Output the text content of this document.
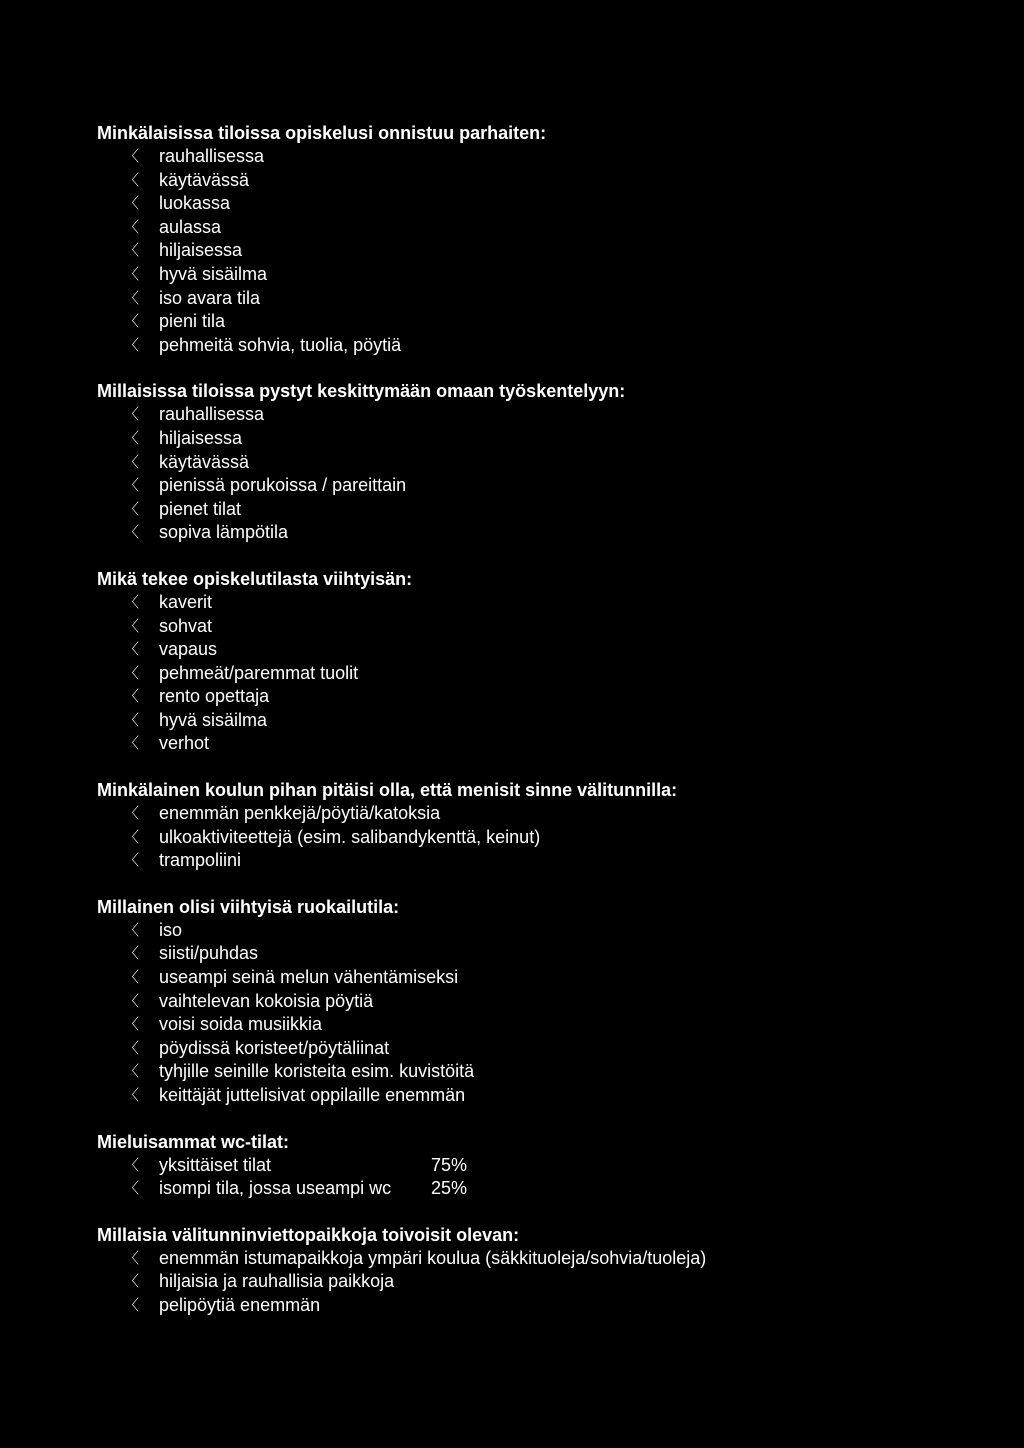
Minkälaisissa tiloissa opiskelusi onnistuu parhaiten:

〈 rauhallisessa
〈 käytävässä
〈 luokassa
〈 aulassa
〈 hiljaisessa
〈 hyvä sisäilma
〈 iso avara tila
〈 pieni tila
〈 pehmeitä sohvia, tuolia, pöytiä

Millaisissa tiloissa pystyt keskittymään omaan työskentelyyn:

〈 rauhallisessa
〈 hiljaisessa
〈 käytävässä
〈 pienissä porukoissa / pareittain
〈 pienet tilat
〈 sopiva lämpötila

Mikä tekee opiskelutilasta viihtyisän:

〈 kaverit
〈 sohvat
〈 vapaus
〈 pehmeät/paremmat tuolit
〈 rento opettaja
〈 hyvä sisäilma
〈 verhot

Minkälainen koulun pihan pitäisi olla, että menisit sinne välitunnilla:

〈 enemmän penkkejä/pöytiä/katoksia
〈 ulkoaktiviteettejä (esim. salibandykenttä, keinut)
〈 trampoliini

Millainen olisi viihtyisä ruokailutila:

〈 iso
〈 siisti/puhdas
〈 useampi seinä melun vähentämiseksi
〈 vaihtelevan kokoisia pöytiä
〈 voisi soida musiikkia
〈 pöydissä koristeet/pöytäliinat
〈 tyhjille seinille koristeita esim. kuvistöitä
〈 keittäjät juttelisivat oppilaille enemmän

Mieluisammat wc-tilat:

〈 yksittäiset tilat	75%
〈 isompi tila, jossa useampi wc 25%

Millaisia välitunninviettopaikkoja toivoisit olevan:

〈 enemmän istumapaikkoja ympäri koulua (säkkituoleja/sohvia/tuoleja)
〈 hiljaisia ja rauhallisia paikkoja
〈 pelipöytiä enemmän
